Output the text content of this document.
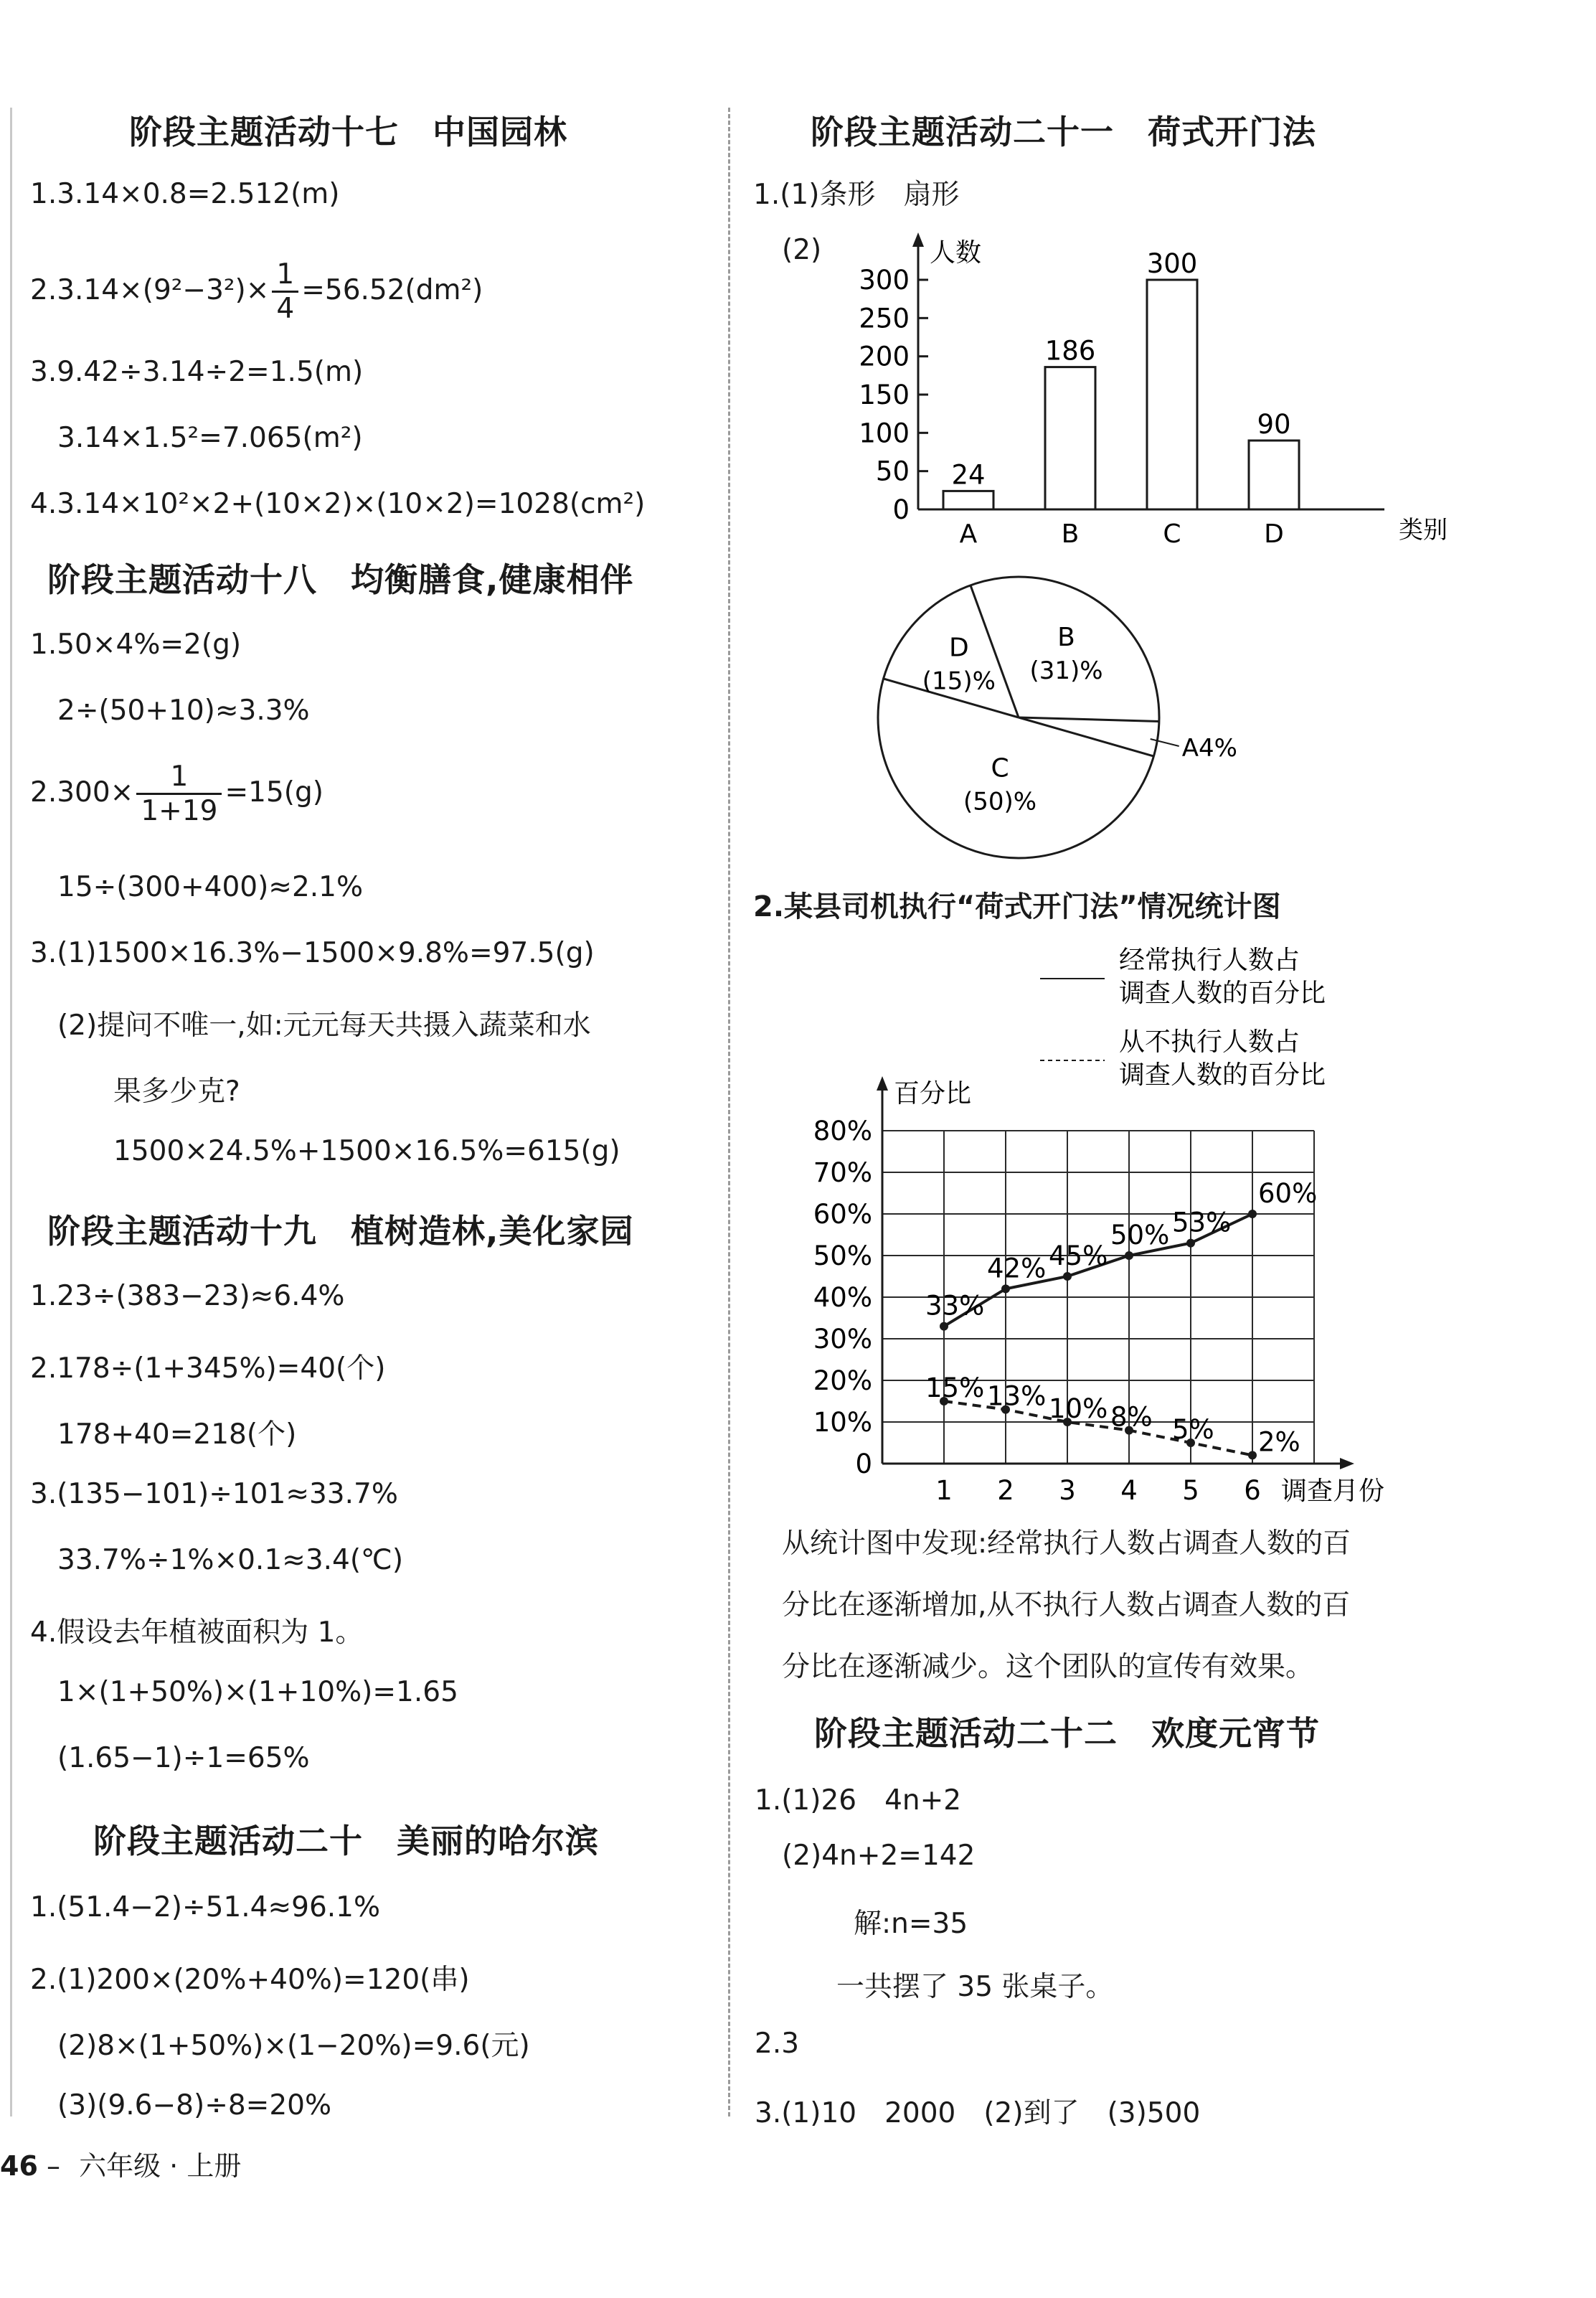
阶段主题活动十七　中国园林
1.3.14×0.8=2.512(m)
$2.3.14\times(9^2-3^2)\times \frac{1}{4} =56.52(dm^2)$
3.9.42÷3.14÷2=1.5(m)
3.14×1.5²=7.065(m²)
4.3.14×10²×2+(10×2)×(10×2)=1028(cm²)
阶段主题活动十八　均衡膳食,健康相伴
1.50×4%=2(g)
2÷(50+10)≈3.3%
$2.300\times \frac{1}{1+19} =15(g)$
15÷(300+400)≈2.1%
3.(1)1500×16.3%−1500×9.8%=97.5(g)
(2)提问不唯一,如:元元每天共摄入蔬菜和水
果多少克?
1500×24.5%+1500×16.5%=615(g)
阶段主题活动十九　植树造林,美化家园
1.23÷(383−23)≈6.4%
2.178÷(1+345%)=40(个)
178+40=218(个)
3.(135−101)÷101≈33.7%
33.7%÷1%×0.1≈3.4(℃)
4.假设去年植被面积为 1。
1×(1+50%)×(1+10%)=1.65
(1.65−1)÷1=65%
阶段主题活动二十　美丽的哈尔滨
1.(51.4−2)÷51.4≈96.1%
2.(1)200×(20%+40%)=120(串)
(2)8×(1+50%)×(1−20%)=9.6(元)
(3)(9.6−8)÷8=20%
阶段主题活动二十一　荷式开门法
1.(1)条形　扇形
(2)	人数
0
50
100
150
200
250
300
24
A
186
B
300
C
90
D	类别
B
(31)%
A4%
C
(50)%
D
(15)%
2.某县司机执行“荷式开门法”情况统计图
经常执行人数占
调查人数的百分比
从不执行人数占
调查人数的百分比
百分比
0
10%
20%
30%
40%
50%
60%
70%
80%
1 2 3 4 5 6 调查月份
33%
42% 45%
50% 53%
60%
15% 13% 10% 8% 5% 2%
从统计图中发现:经常执行人数占调查人数的百
分比在逐渐增加,从不执行人数占调查人数的百
分比在逐渐减少。这个团队的宣传有效果。
阶段主题活动二十二　欢度元宵节
1.(1)26　4n+2
(2)4n+2=142
解:n=35
一共摆了 35 张桌子。
2.3
3.(1)10　2000　(2)到了　(3)500
46 – 六年级 · 上册
